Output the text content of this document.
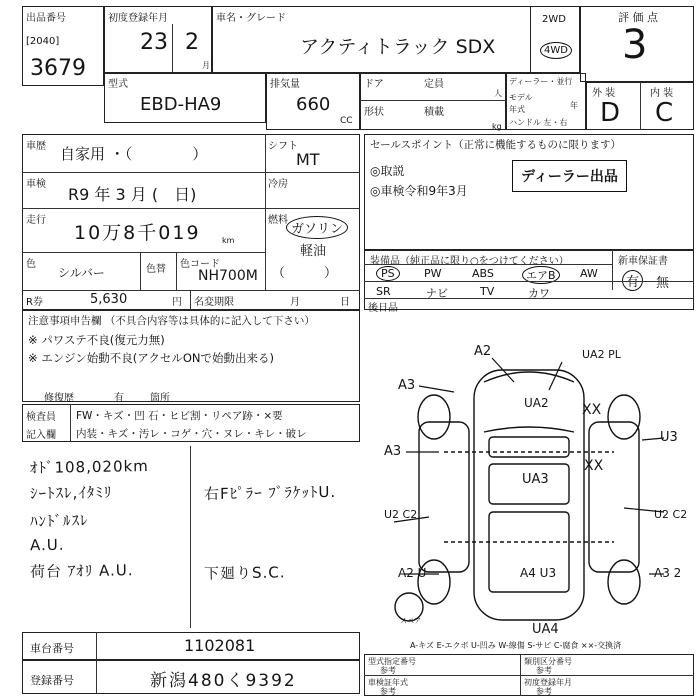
出品番号
[2040]
3679
初度登録年月
23 2
月
車名・グレード
アクティトラック SDX
2WD
4WD
評 価 点
3
型式
EBD-HA9
排気量
660
CC
ドア	定員
人
形状	積載
kg
ディーラー・並行
モデル
年式	年
ハンドル 左・右
外 装	内 装
D C
車歴 自家用 ・（　　　　）	シフト
MT
車検
R9 年 3 月 (　日)
冷房
走行
10万8千019	km
燃料
ガソリン
軽油
色
シルバー	色替 色コード
NH700M （　　　）
R券	5,630	円 名変期限	月	日
セールスポイント（正常に機能するものに限ります）
◎取説
◎車検令和9年3月
ディーラー出品
装備品（純正品に限り○をつけてください）	新車保証書
有	無
PS	PW	ABS	エアB	AW
SR	ナビ	TV	カワ
後日品
注意事項申告欄 （不具合内容等は具体的に記入して下さい）
※ パワステ不良(復元力無)
※ エンジン始動不良(アクセルONで始動出来る)
修復歴	有	箇所
検査員
記入欄
FW・キズ・凹 石・ヒビ割・リペア跡・×要
内装・キズ・汚レ・コゲ・穴・ヌレ・キレ・破レ
ｵﾄﾞ108,020km
ｼｰﾄｽﾚ,ｲﾀﾐﾘ
ﾊﾝﾄﾞﾙｽﾚ
A.U.
荷台 ｱｵﾘ A.U.
右Fﾋﾟﾗｰ ﾌﾞﾗｹｯﾄU.
下廻りS.C.
A2	UA2 PL
A3
UA2 XX
A3
U3
XX
UA3
U2 C2	U2 C2
A2 U	A4 U3	A3 2
UA4
スペア
A-キズ E-エクボ U-凹み W-線傷 S-サビ C-腐食 ××-交換済
車台番号	1102081
登録番号	新潟480く9392
型式指定番号
参考
類別区分番号
参考
車検証年式
参考
初度登録年月
参考
